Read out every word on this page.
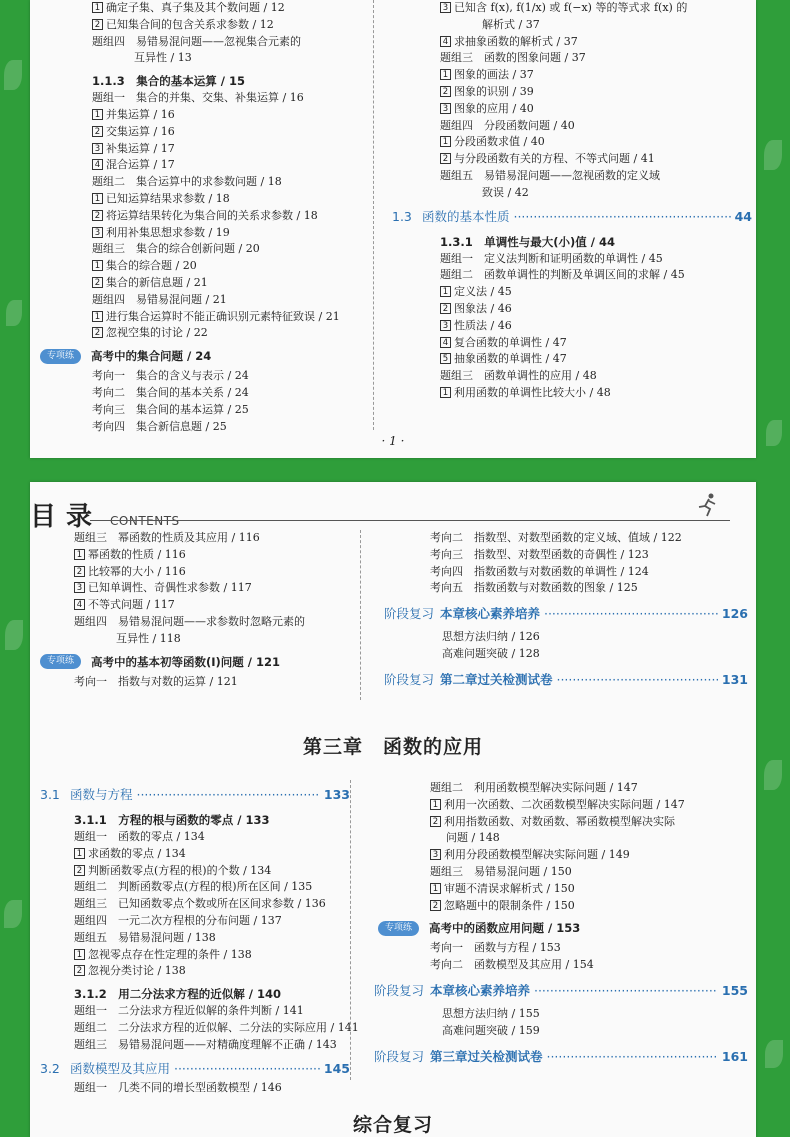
1 确定子集、真子集及其个数问题 / 12
2 已知集合间的包含关系求参数 / 12
题组四　易错易混问题——忽视集合元素的
互异性 / 13
1.1.3　集合的基本运算 / 15
题组一　集合的并集、交集、补集运算 / 16
1 并集运算 / 16
2 交集运算 / 16
3 补集运算 / 17
4 混合运算 / 17
题组二　集合运算中的求参数问题 / 18
1 已知运算结果求参数 / 18
2 将运算结果转化为集合间的关系求参数 / 18
3 利用补集思想求参数 / 19
题组三　集合的综合创新问题 / 20
1 集合的综合题 / 20
2 集合的新信息题 / 21
题组四　易错易混问题 / 21
1 进行集合运算时不能正确识别元素特征致误 / 21
2 忽视空集的讨论 / 22
专项练	高考中的集合问题 / 24
考向一　集合的含义与表示 / 24
考向二　集合间的基本关系 / 24
考向三　集合间的基本运算 / 25
考向四　集合新信息题 / 25
3 已知含 f(x), f(1/x) 或 f(−x) 等的等式求 f(x) 的
解析式 / 37
4 求抽象函数的解析式 / 37
题组三　函数的图象问题 / 37
1 图象的画法 / 37
2 图象的识别 / 39
3 图象的应用 / 40
题组四　分段函数问题 / 40
1 分段函数求值 / 40
2 与分段函数有关的方程、不等式问题 / 41
题组五　易错易混问题——忽视函数的定义域
致误 / 42
1.3 函数的基本性质 ·····	44
1.3.1　单调性与最大(小)值 / 44
题组一　定义法判断和证明函数的单调性 / 45
题组二　函数单调性的判断及单调区间的求解 / 45
1 定义法 / 45
2 图象法 / 46
3 性质法 / 46
4 复合函数的单调性 / 47
5 抽象函数的单调性 / 47
题组三　函数单调性的应用 / 48
1 利用函数的单调性比较大小 / 48
· 1 ·
目录 CONTENTS
题组三　幂函数的性质及其应用 / 116
1 幂函数的性质 / 116
2 比较幂的大小 / 116
3 已知单调性、奇偶性求参数 / 117
4 不等式问题 / 117
题组四　易错易混问题——求参数时忽略元素的
互异性 / 118
专项练	高考中的基本初等函数(Ⅰ)问题 / 121
考向一　指数与对数的运算 / 121
考向二　指数型、对数型函数的定义域、值域 / 122
考向三　指数型、对数型函数的奇偶性 / 123
考向四　指数函数与对数函数的单调性 / 124
考向五　指数函数与对数函数的图象 / 125
阶段复习 本章核心素养培养 ·····	126
思想方法归纳 / 126
高难问题突破 / 128
阶段复习 第二章过关检测试卷 ·····	131
第三章　函数的应用
3.1 函数与方程 ·····	133
3.1.1　方程的根与函数的零点 / 133
题组一　函数的零点 / 134
1 求函数的零点 / 134
2 判断函数零点(方程的根)的个数 / 134
题组二　判断函数零点(方程的根)所在区间 / 135
题组三　已知函数零点个数或所在区间求参数 / 136
题组四　一元二次方程根的分布问题 / 137
题组五　易错易混问题 / 138
1 忽视零点存在性定理的条件 / 138
2 忽视分类讨论 / 138
3.1.2　用二分法求方程的近似解 / 140
题组一　二分法求方程近似解的条件判断 / 141
题组二　二分法求方程的近似解、二分法的实际应用 / 141
题组三　易错易混问题——对精确度理解不正确 / 143
3.2 函数模型及其应用 ·····	145
题组一　几类不同的增长型函数模型 / 146
题组二　利用函数模型解决实际问题 / 147
1 利用一次函数、二次函数模型解决实际问题 / 147
2 利用指数函数、对数函数、幂函数模型解决实际
问题 / 148
3 利用分段函数模型解决实际问题 / 149
题组三　易错易混问题 / 150
1 审题不清误求解析式 / 150
2 忽略题中的限制条件 / 150
专项练	高考中的函数应用问题 / 153
考向一　函数与方程 / 153
考向二　函数模型及其应用 / 154
阶段复习 本章核心素养培养 ·····	155
思想方法归纳 / 155
高难问题突破 / 159
阶段复习 第三章过关检测试卷 ·····	161
综合复习
